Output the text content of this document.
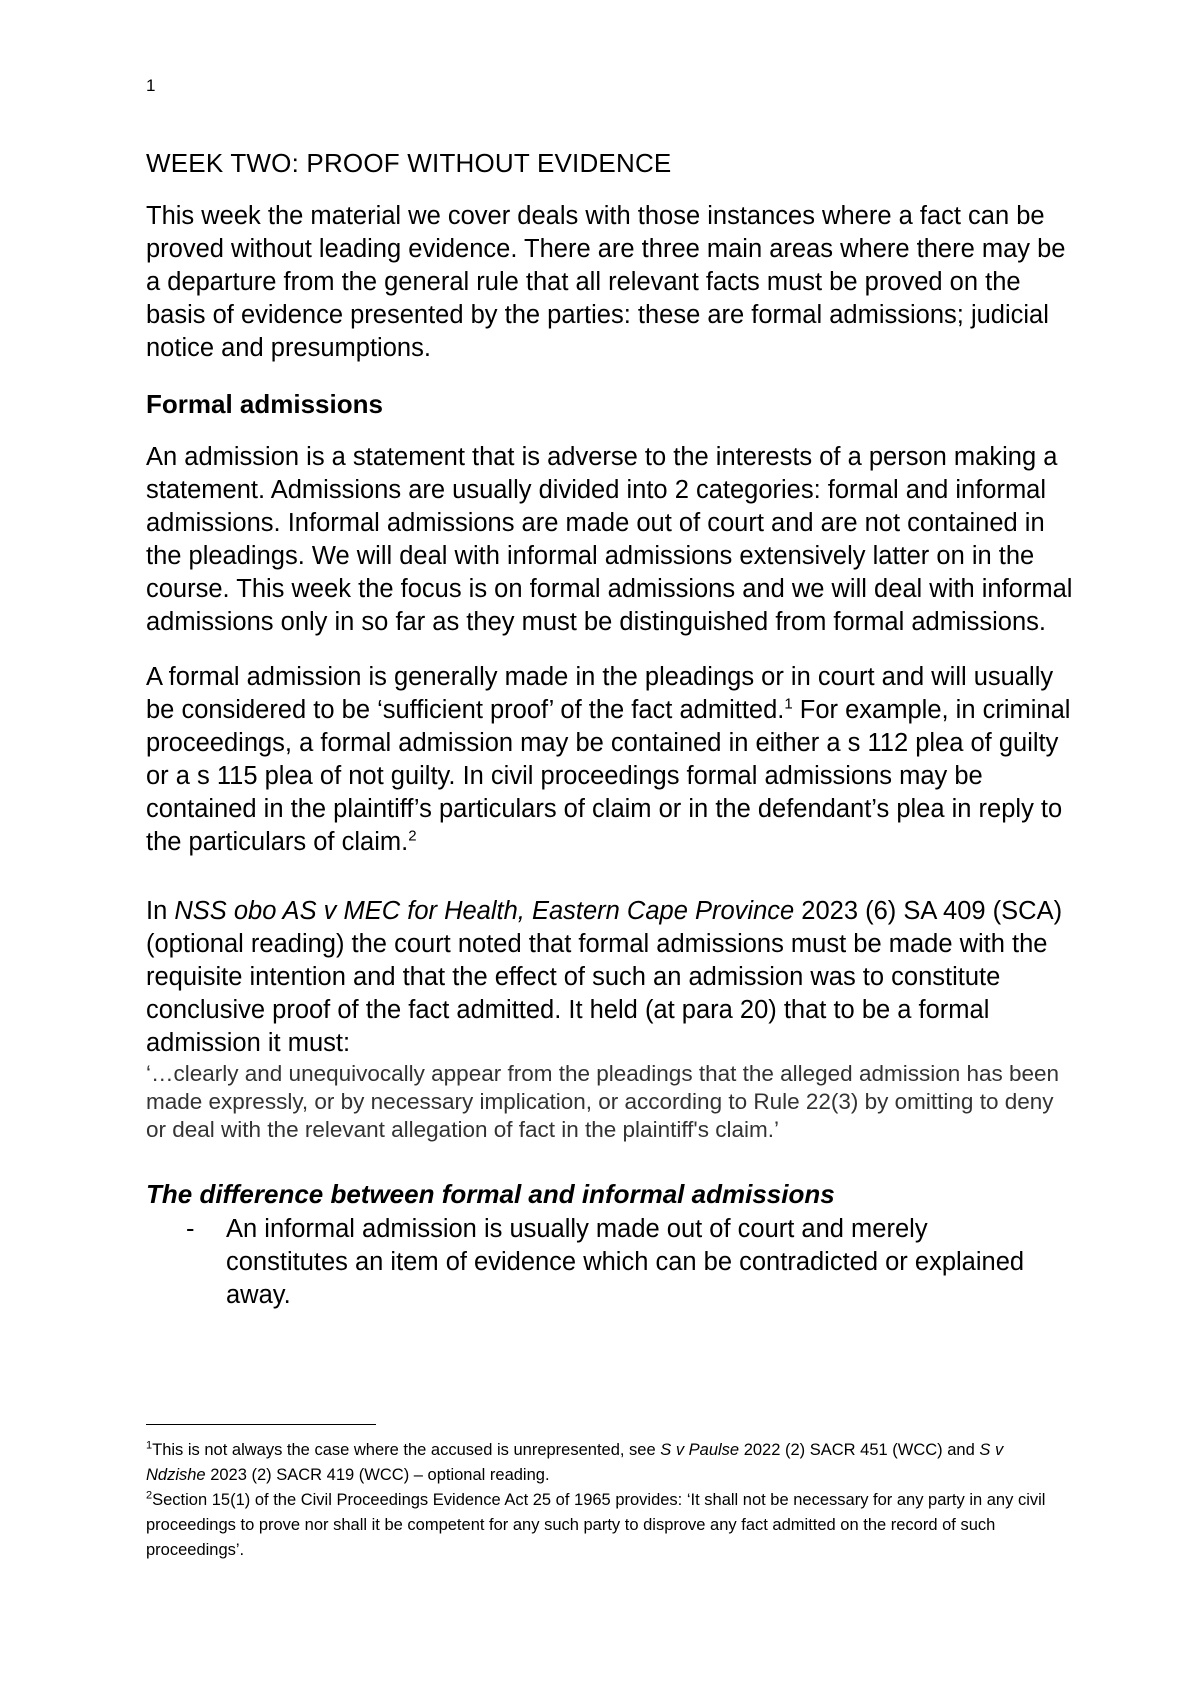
1
WEEK TWO: PROOF WITHOUT EVIDENCE

This week the material we cover deals with those instances where a fact can be proved without leading evidence. There are three main areas where there may be a departure from the general rule that all relevant facts must be proved on the basis of evidence presented by the parties: these are formal admissions; judicial notice and presumptions.

Formal admissions

An admission is a statement that is adverse to the interests of a person making a statement. Admissions are usually divided into 2 categories: formal and informal admissions. Informal admissions are made out of court and are not contained in the pleadings. We will deal with informal admissions extensively latter on in the course. This week the focus is on formal admissions and we will deal with informal admissions only in so far as they must be distinguished from formal admissions.

A formal admission is generally made in the pleadings or in court and will usually be considered to be ‘sufficient proof’ of the fact admitted.$^1$ For example, in criminal proceedings, a formal admission may be contained in either a s 112 plea of guilty or a s 115 plea of not guilty. In civil proceedings formal admissions may be contained in the plaintiff’s particulars of claim or in the defendant’s plea in reply to the particulars of claim.$^2$

In NSS obo AS v MEC for Health, Eastern Cape Province 2023 (6) SA 409 (SCA) (optional reading) the court noted that formal admissions must be made with the requisite intention and that the effect of such an admission was to constitute conclusive proof of the fact admitted. It held (at para 20) that to be a formal admission it must:

‘…clearly and unequivocally appear from the pleadings that the alleged admission has been made expressly, or by necessary implication, or according to Rule 22(3) by omitting to deny or deal with the relevant allegation of fact in the plaintiff's claim.’

The difference between formal and informal admissions
-	An informal admission is usually made out of court and merely constitutes an item of evidence which can be contradicted or explained away.

$^1$This is not always the case where the accused is unrepresented, see S v Paulse 2022 (2) SACR 451 (WCC) and S v Ndzishe 2023 (2) SACR 419 (WCC) – optional reading.

$^2$Section 15(1) of the Civil Proceedings Evidence Act 25 of 1965 provides: ‘It shall not be necessary for any party in any civil proceedings to prove nor shall it be competent for any such party to disprove any fact admitted on the record of such proceedings’.
